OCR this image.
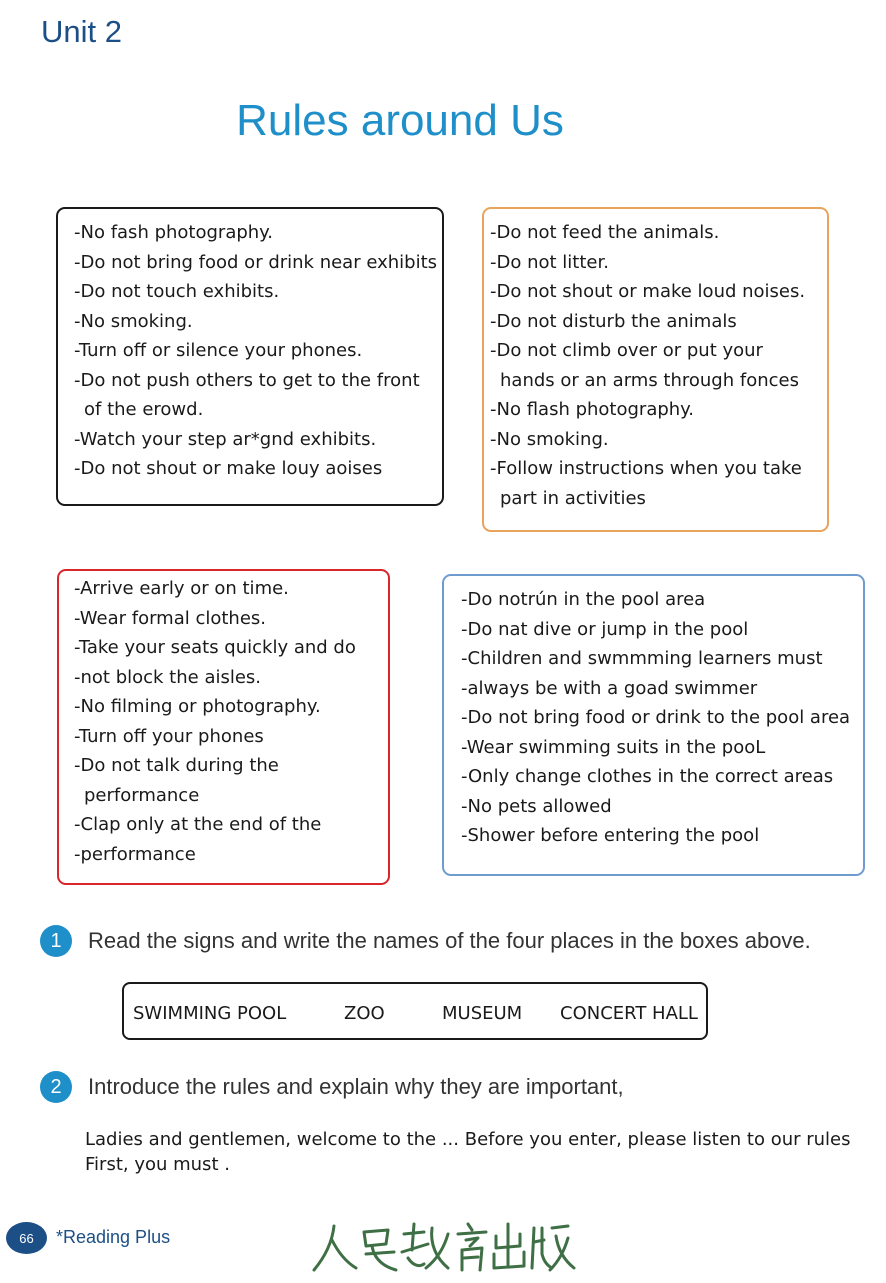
Unit 2
Rules around Us
-No fash photography.
-Do not bring food or drink near exhibits
-Do not touch exhibits.
-No smoking.
-Turn off or silence your phones.
-Do not push others to get to the front
of the erowd.
-Watch your step ar*gnd exhibits.
-Do not shout or make louy aoises
-Do not feed the animals.
-Do not litter.
-Do not shout or make loud noises.
-Do not disturb the animals
-Do not climb over or put your
hands or an arms through fonces
-No flash photography.
-No smoking.
-Follow instructions when you take
part in activities
-Arrive early or on time.
-Wear formal clothes.
-Take your seats quickly and do
-not block the aisles.
-No filming or photography.
-Turn off your phones
-Do not talk during the
performance
-Clap only at the end of the
-performance
-Do notrún in the pool area
-Do nat dive or jump in the pool
-Children and swmmming learners must
-always be with a goad swimmer
-Do not bring food or drink to the pool area
-Wear swimming suits in the pooL
-Only change clothes in the correct areas
-No pets allowed
-Shower before entering the pool
1	Read the signs and write the names of the four places in the boxes above.
SWIMMING POOL	ZOO	MUSEUM CONCERT HALL
2	Introduce the rules and explain why they are important,
Ladies and gentlemen, welcome to the ... Before you enter, please listen to our rules
First, you must .
66	*Reading Plus
